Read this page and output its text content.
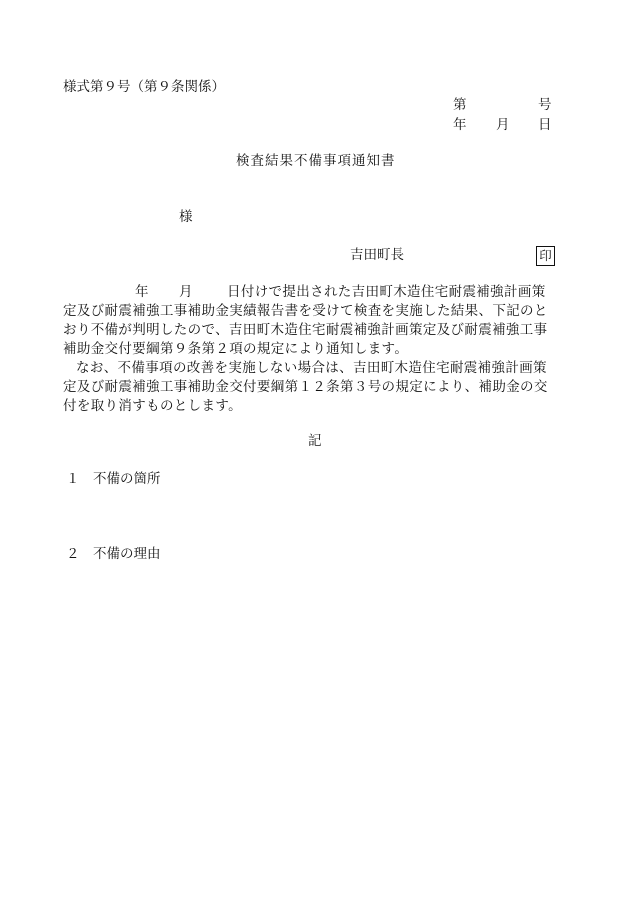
様式第９号（第９条関係）
第	号
年 月 日
検査結果不備事項通知書
様
吉田町長	印
年 月	日付けで提出された吉田町木造住宅耐震補強計画策
定及び耐震補強工事補助金実績報告書を受けて検査を実施した結果、下記のと
おり不備が判明したので、吉田町木造住宅耐震補強計画策定及び耐震補強工事
補助金交付要綱第９条第２項の規定により通知します。
なお、不備事項の改善を実施しない場合は、吉田町木造住宅耐震補強計画策
定及び耐震補強工事補助金交付要綱第１２条第３号の規定により、補助金の交
付を取り消すものとします。
記
１ 不備の箇所
２ 不備の理由
